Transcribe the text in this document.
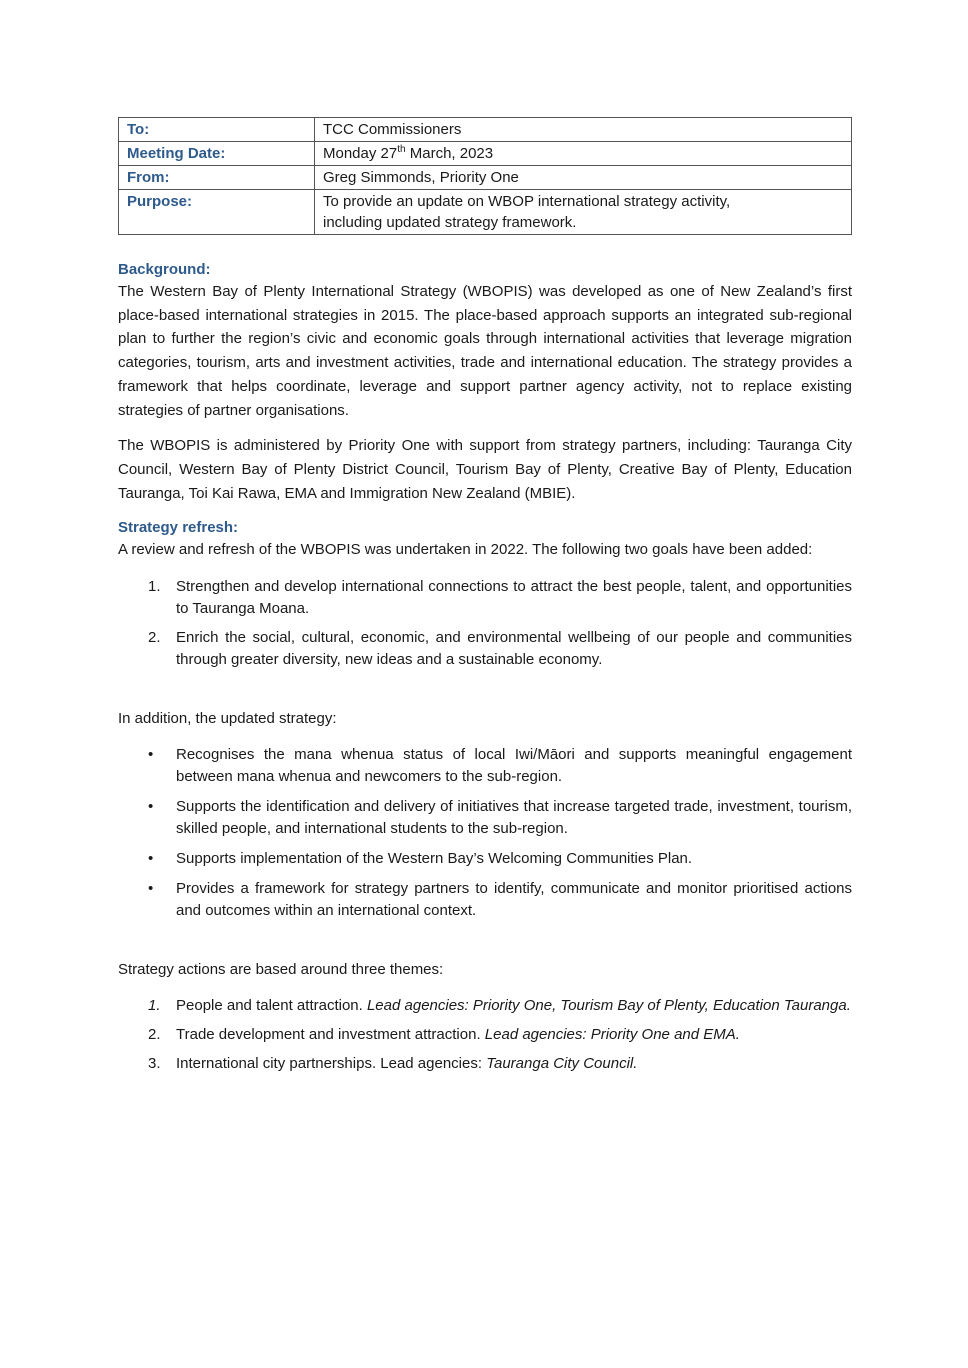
To:	TCC Commissioners
Meeting Date:	Monday 27th March, 2023
From:	Greg Simmonds, Priority One
Purpose:	To provide an update on WBOP international strategy activity,
including updated strategy framework.
Background:

The Western Bay of Plenty International Strategy (WBOPIS) was developed as one of New Zealand’s first place-based international strategies in 2015. The place-based approach supports an integrated sub-regional plan to further the region’s civic and economic goals through international activities that leverage migration categories, tourism, arts and investment activities, trade and international education. The strategy provides a framework that helps coordinate, leverage and support partner agency activity, not to replace existing strategies of partner organisations.

The WBOPIS is administered by Priority One with support from strategy partners, including: Tauranga City Council, Western Bay of Plenty District Council, Tourism Bay of Plenty, Creative Bay of Plenty, Education Tauranga, Toi Kai Rawa, EMA and Immigration New Zealand (MBIE).

Strategy refresh:

A review and refresh of the WBOPIS was undertaken in 2022. The following two goals have been added:

1. Strengthen and develop international connections to attract the best people, talent, and opportunities to Tauranga Moana.
2. Enrich the social, cultural, economic, and environmental wellbeing of our people and communities through greater diversity, new ideas and a sustainable economy.

In addition, the updated strategy:

• Recognises the mana whenua status of local Iwi/Māori and supports meaningful engagement between mana whenua and newcomers to the sub-region.
• Supports the identification and delivery of initiatives that increase targeted trade, investment, tourism, skilled people, and international students to the sub-region.
• Supports implementation of the Western Bay’s Welcoming Communities Plan.
• Provides a framework for strategy partners to identify, communicate and monitor prioritised actions and outcomes within an international context.

Strategy actions are based around three themes:

1. People and talent attraction. Lead agencies: Priority One, Tourism Bay of Plenty, Education Tauranga.
2. Trade development and investment attraction. Lead agencies: Priority One and EMA.
3. International city partnerships. Lead agencies: Tauranga City Council.
